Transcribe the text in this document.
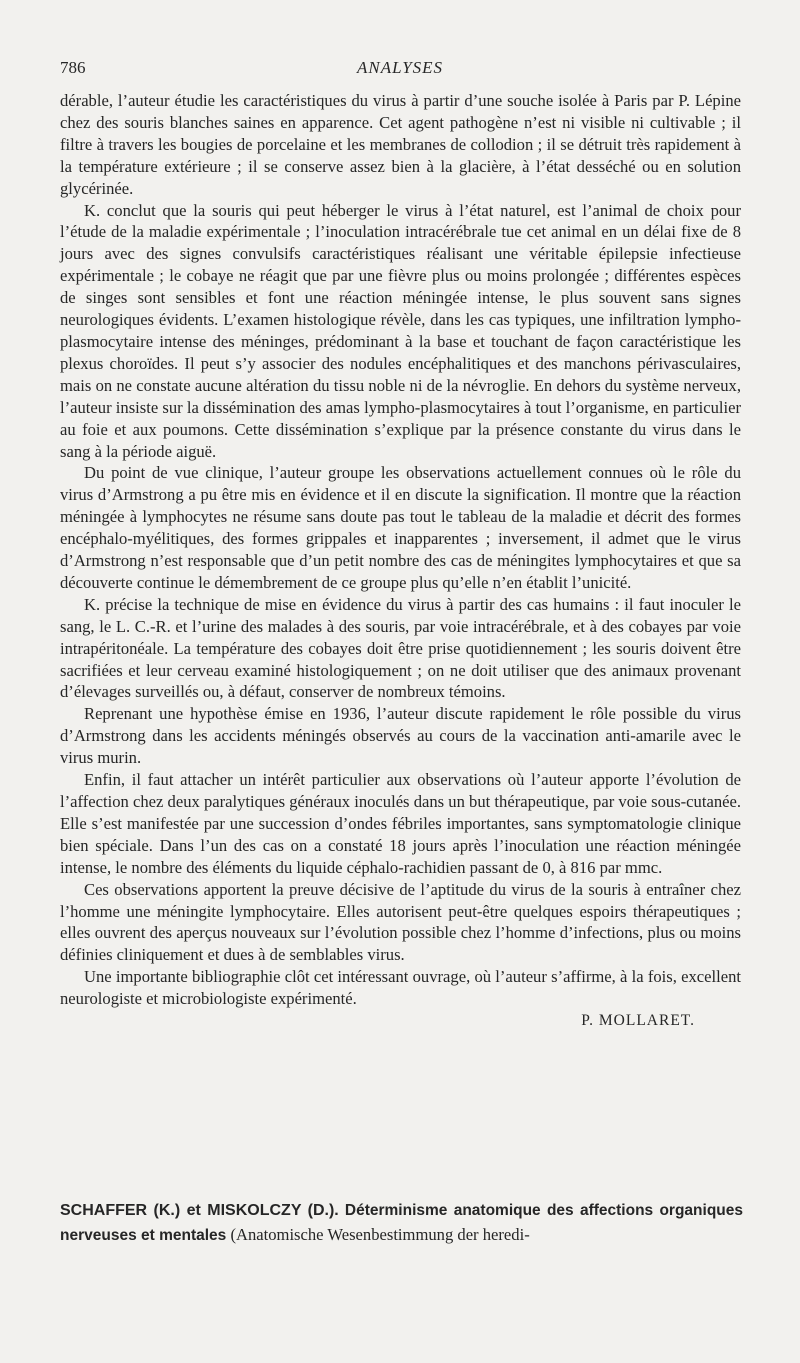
786	ANALYSES

dérable, l’auteur étudie les caractéristiques du virus à partir d’une souche isolée à Paris par P. Lépine chez des souris blanches saines en apparence. Cet agent pathogène n’est ni visible ni cultivable ; il filtre à travers les bougies de porcelaine et les membranes de collodion ; il se détruit très rapidement à la température extérieure ; il se conserve assez bien à la glacière, à l’état desséché ou en solution glycérinée.

K. conclut que la souris qui peut héberger le virus à l’état naturel, est l’animal de choix pour l’étude de la maladie expérimentale ; l’inoculation intracérébrale tue cet animal en un délai fixe de 8 jours avec des signes convulsifs caractéristiques réalisant une véritable épilepsie infectieuse expérimentale ; le cobaye ne réagit que par une fièvre plus ou moins prolongée ; différentes espèces de singes sont sensibles et font une réaction méningée intense, le plus souvent sans signes neurologiques évidents. L’examen histologique révèle, dans les cas typiques, une infiltration lympho-plasmocytaire intense des méninges, prédominant à la base et touchant de façon caractéristique les plexus choroïdes. Il peut s’y associer des nodules encéphalitiques et des manchons périvasculaires, mais on ne constate aucune altération du tissu noble ni de la névroglie. En dehors du système nerveux, l’auteur insiste sur la dissémination des amas lympho-plasmocytaires à tout l’organisme, en particulier au foie et aux poumons. Cette dissémination s’explique par la présence constante du virus dans le sang à la période aiguë.

Du point de vue clinique, l’auteur groupe les observations actuellement connues où le rôle du virus d’Armstrong a pu être mis en évidence et il en discute la signification. Il montre que la réaction méningée à lymphocytes ne résume sans doute pas tout le tableau de la maladie et décrit des formes encéphalo-myélitiques, des formes grippales et inapparentes ; inversement, il admet que le virus d’Armstrong n’est responsable que d’un petit nombre des cas de méningites lymphocytaires et que sa découverte continue le démembrement de ce groupe plus qu’elle n’en établit l’unicité.

K. précise la technique de mise en évidence du virus à partir des cas humains : il faut inoculer le sang, le L. C.-R. et l’urine des malades à des souris, par voie intracérébrale, et à des cobayes par voie intrapéritonéale. La température des cobayes doit être prise quotidiennement ; les souris doivent être sacrifiées et leur cerveau examiné histologiquement ; on ne doit utiliser que des animaux provenant d’élevages surveillés ou, à défaut, conserver de nombreux témoins.

Reprenant une hypothèse émise en 1936, l’auteur discute rapidement le rôle possible du virus d’Armstrong dans les accidents méningés observés au cours de la vaccination anti-amarile avec le virus murin.

Enfin, il faut attacher un intérêt particulier aux observations où l’auteur apporte l’évolution de l’affection chez deux paralytiques généraux inoculés dans un but thérapeutique, par voie sous-cutanée. Elle s’est manifestée par une succession d’ondes fébriles importantes, sans symptomatologie clinique bien spéciale. Dans l’un des cas on a constaté 18 jours après l’inoculation une réaction méningée intense, le nombre des éléments du liquide céphalo-rachidien passant de 0, à 816 par mmc.

Ces observations apportent la preuve décisive de l’aptitude du virus de la souris à entraîner chez l’homme une méningite lymphocytaire. Elles autorisent peut-être quelques espoirs thérapeutiques ; elles ouvrent des aperçus nouveaux sur l’évolution possible chez l’homme d’infections, plus ou moins définies cliniquement et dues à de semblables virus.

Une importante bibliographie clôt cet intéressant ouvrage, où l’auteur s’affirme, à la fois, excellent neurologiste et microbiologiste expérimenté.

P. MOLLARET.

SCHAFFER (K.) et MISKOLCZY (D.). Déterminisme anatomique des affections organiques nerveuses et mentales (Anatomische Wesenbestimmung der heredi-
